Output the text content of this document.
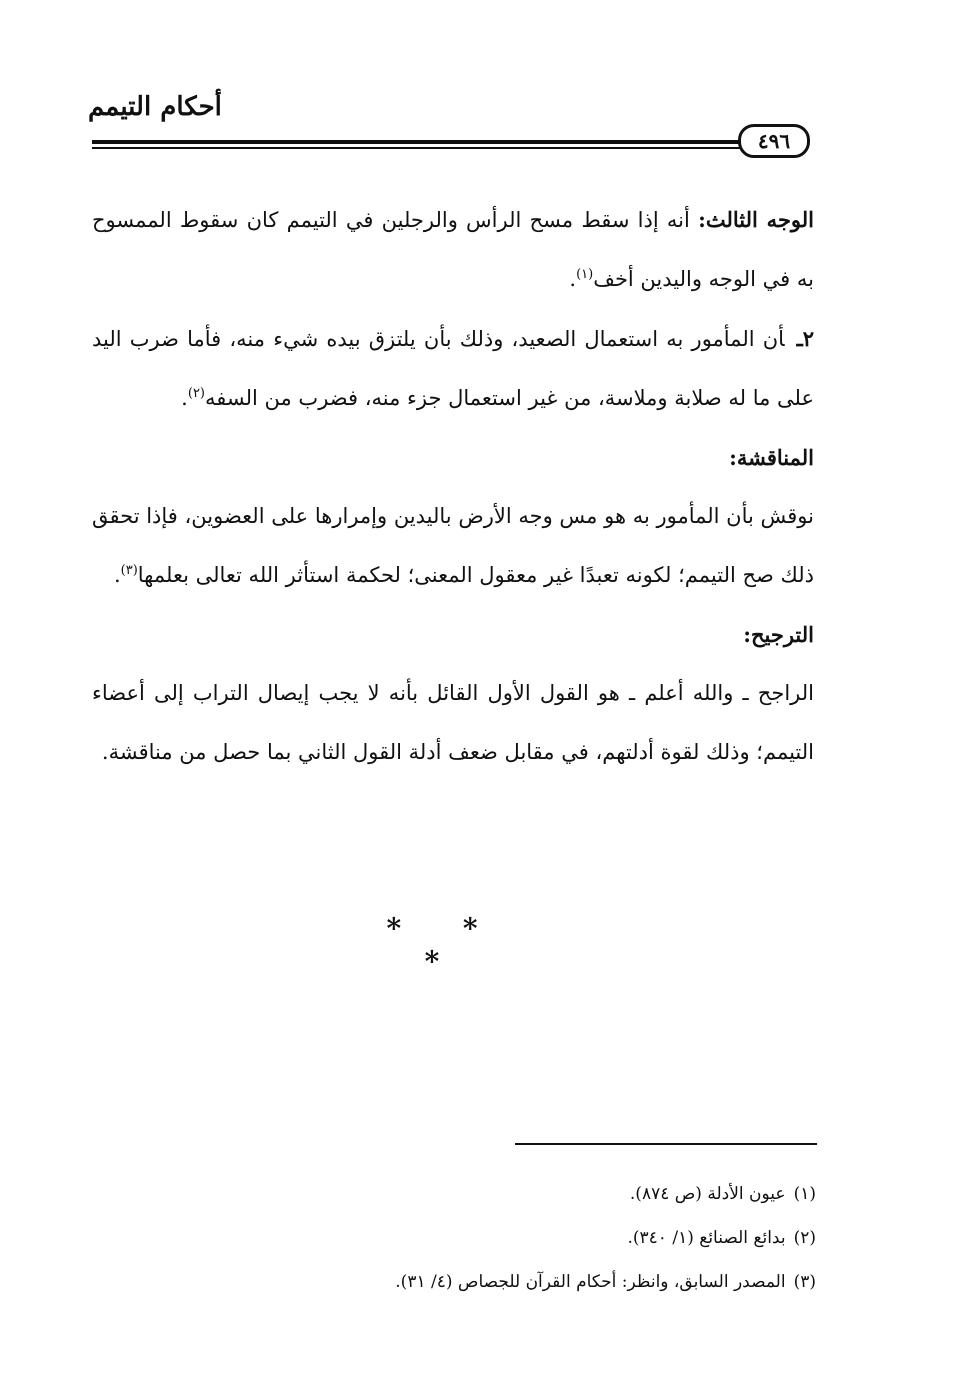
أحكام التيمم
٤٩٦

الوجه الثالث: أنه إذا سقط مسح الرأس والرجلين في التيمم كان سقوط الممسوح به في الوجه واليدين أخف$^{(١)}$.

٢ـأن المأمور به استعمال الصعيد، وذلك بأن يلتزق بيده شيء منه، فأما ضرب اليد على ما له صلابة وملاسة، من غير استعمال جزء منه، فضرب من السفه$^{(٢)}$.

المناقشة:

نوقش بأن المأمور به هو مس وجه الأرض باليدين وإمرارها على العضوين، فإذا تحقق ذلك صح التيمم؛ لكونه تعبدًا غير معقول المعنى؛ لحكمة استأثر الله تعالى بعلمها$^{(٣)}$.

الترجيح:

الراجح ـ والله أعلم ـ هو القول الأول القائل بأنه لا يجب إيصال التراب إلى أعضاء التيمم؛ وذلك لقوة أدلتهم، في مقابل ضعف أدلة القول الثاني بما حصل من مناقشة.

* * *
(١)عيون الأدلة (ص ٨٧٤).
(٢)بدائع الصنائع (١/ ٣٤٠).
(٣)المصدر السابق، وانظر: أحكام القرآن للجصاص (٤/ ٣١).
